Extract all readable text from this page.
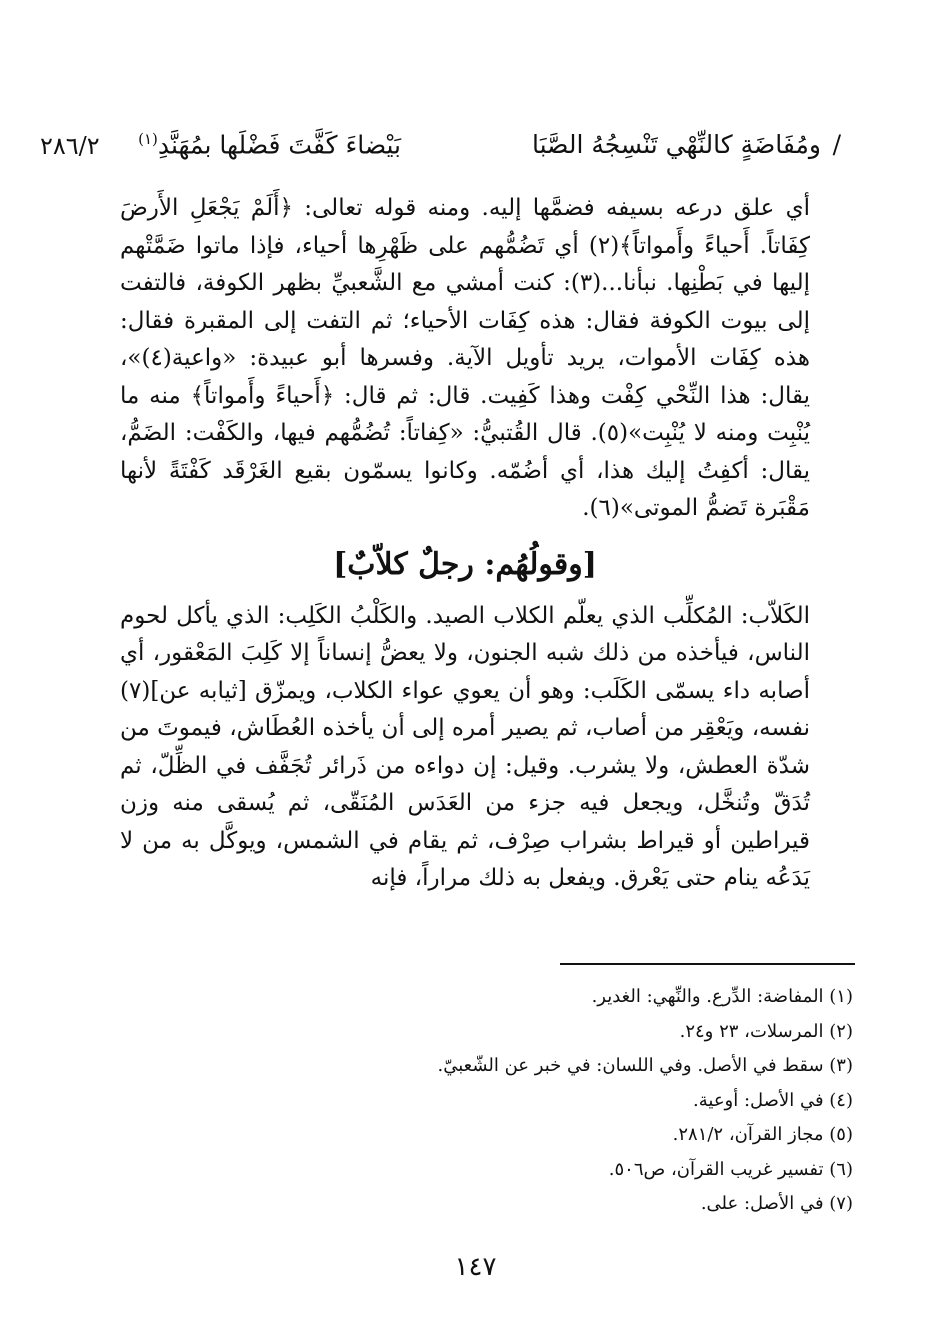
/
ومُفَاضَةٍ كالنِّهْي تَنْسِجُهُ الصَّبَا
بَيْضاءَ كَفَّتَ فَضْلَها بمُهَنَّدِ$^{(١)}$
٢٨٦/٢

أي علق درعه بسيفه فضمَّها إليه. ومنه قوله تعالى: ﴿أَلَمْ يَجْعَلِ الأَرضَ كِفَاتاً. أَحياءً وأَمواتاً﴾(٢) أي تَضُمُّهم على ظَهْرِها أحياء، فإذا ماتوا ضَمَّتْهم إليها في بَطْنِها. نبأنا...(٣): كنت أمشي مع الشَّعبيِّ بظهر الكوفة، فالتفت إلى بيوت الكوفة فقال: هذه كِفَات الأحياء؛ ثم التفت إلى المقبرة فقال: هذه كِفَات الأموات، يريد تأويل الآية. وفسرها أبو عبيدة: «واعية(٤)»، يقال: هذا النِّحْي كِفْت وهذا كَفِيت. قال: ثم قال: ﴿أَحياءً وأَمواتاً﴾ منه ما يُنْبِت ومنه لا يُنْبِت»(٥). قال القُتبيُّ: «كِفاتاً: تُضُمُّهم فيها، والكَفْت: الضَمُّ، يقال: أكفِتُ إليك هذا، أي أضُمّه. وكانوا يسمّون بقيع الغَرْقَد كَفْتَةً لأنها مَقْبَرة تَضمُّ الموتى»(٦).

[وقولُهُم: رجلٌ كلاّبٌ]

الكَلاّب: المُكلِّب الذي يعلّم الكلاب الصيد. والكَلْبُ الكَلِب: الذي يأكل لحوم الناس، فيأخذه من ذلك شبه الجنون، ولا يعضُّ إنساناً إلا كَلِبَ المَعْقور، أي أصابه داء يسمّى الكَلَب: وهو أن يعوي عواء الكلاب، ويمزّق [ثيابه عن](٧) نفسه، ويَعْقِر من أصاب، ثم يصير أمره إلى أن يأخذه العُطَاش، فيموتَ من شدّة العطش، ولا يشرب. وقيل: إن دواءه من ذَرائر تُجَفَّف في الظِّلّ، ثم تُدَقّ وتُنخَّل، ويجعل فيه جزء من العَدَس المُنَقّى، ثم يُسقى منه وزن قيراطين أو قيراط بشراب صِرْف، ثم يقام في الشمس، ويوكَّل به من لا يَدَعُه ينام حتى يَعْرق. ويفعل به ذلك مراراً، فإنه

(١) المفاضة: الدِّرع. والنِّهي: الغدير.

(٢) المرسلات، ٢٣ و٢٤.

(٣) سقط في الأصل. وفي اللسان: في خبر عن الشّعبيّ.

(٤) في الأصل: أوعية.

(٥) مجاز القرآن، ٢٨١/٢.

(٦) تفسير غريب القرآن، ص٥٠٦.

(٧) في الأصل: على.

١٤٧
